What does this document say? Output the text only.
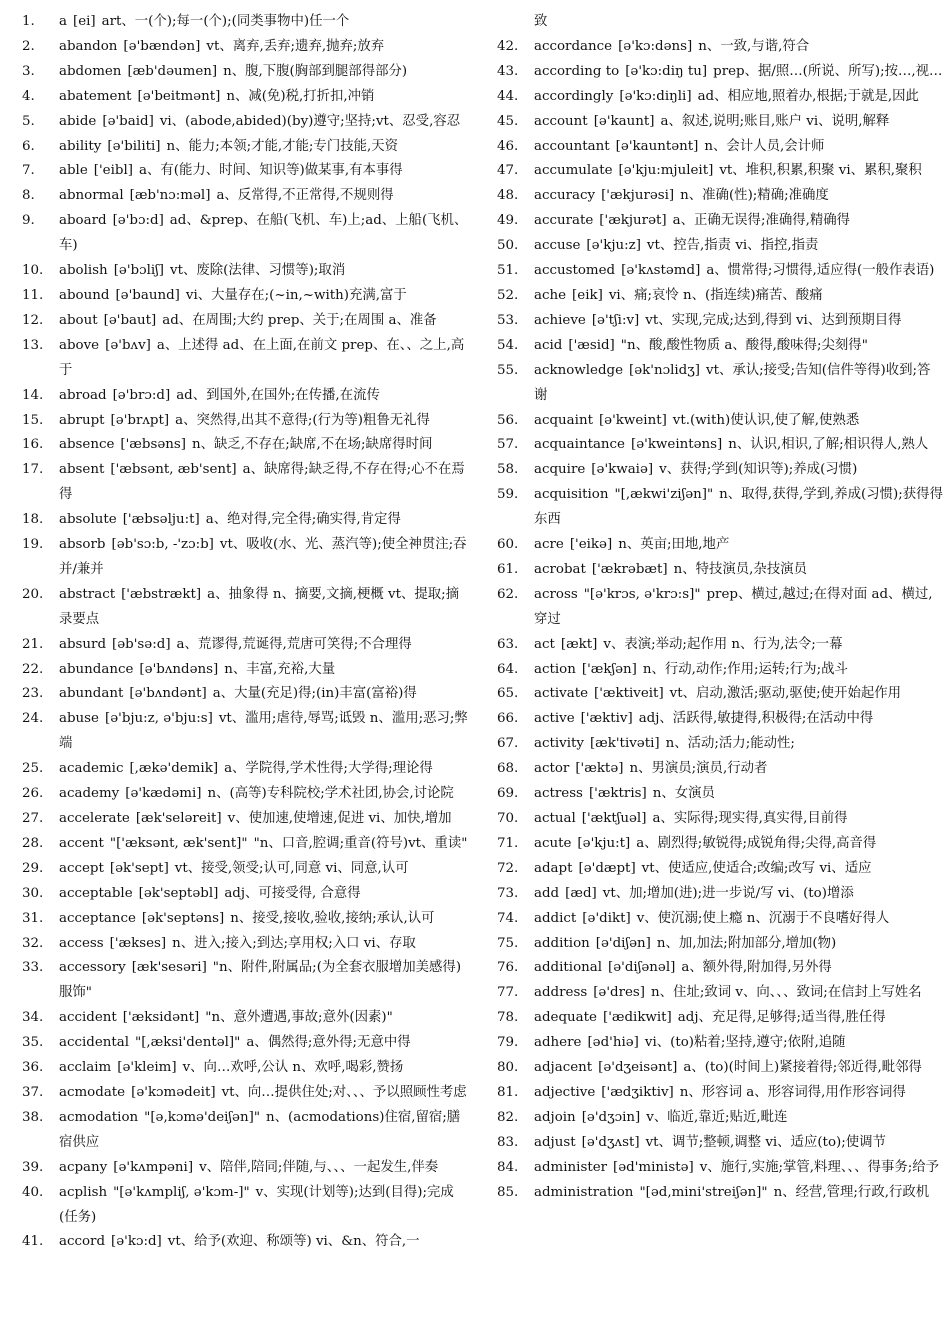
1.	a [ei] art、一(个);每一(个);(同类事物中)任一个
2.	abandon [ə'bændən] vt、离弃,丢弃;遗弃,抛弃;放弃
3.	abdomen [æb'dəumen] n、腹,下腹(胸部到腿部得部分)
4.	abatement [ə'beitmənt] n、减(免)税,打折扣,冲销
5.	abide [ə'baid] vi、(abode,abided)(by)遵守;坚持;vt、忍受,容忍
6.	ability [ə'biliti] n、能力;本领;才能,才能;专门技能,天资
7.	able ['eibl] a、有(能力、时间、知识等)做某事,有本事得
8.	abnormal [æb'nɔ:məl] a、反常得,不正常得,不规则得
9.	aboard [ə'bɔ:d] ad、&prep、在船(飞机、车)上;ad、上船(飞机、车)
10.	abolish [ə'bɔliʃ] vt、废除(法律、习惯等);取消
11.	abound [ə'baund] vi、大量存在;(~in,~with)充满,富于
12.	about [ə'baut] ad、在周围;大约 prep、关于;在周围 a、准备
13.	above [ə'bʌv] a、上述得 ad、在上面,在前文 prep、在、、之上,高于
14.	abroad [ə'brɔ:d] ad、到国外,在国外;在传播,在流传
15.	abrupt [ə'brʌpt] a、突然得,出其不意得;(行为等)粗鲁无礼得
16.	absence ['æbsəns] n、缺乏,不存在;缺席,不在场;缺席得时间
17.	absent ['æbsənt, æb'sent] a、缺席得;缺乏得,不存在得;心不在焉得
18.	absolute ['æbsəlju:t] a、绝对得,完全得;确实得,肯定得
19.	absorb [əb'sɔ:b, -'zɔ:b] vt、吸收(水、光、蒸汽等);使全神贯注;吞并/兼并
20.	abstract ['æbstrækt] a、抽象得 n、摘要,文摘,梗概 vt、提取;摘录要点
21.	absurd [əb'sə:d] a、荒谬得,荒诞得,荒唐可笑得;不合理得
22.	abundance [ə'bʌndəns] n、丰富,充裕,大量
23.	abundant [ə'bʌndənt] a、大量(充足)得;(in)丰富(富裕)得
24.	abuse [ə'bju:z, ə'bju:s] vt、滥用;虐待,辱骂;诋毁 n、滥用;恶习;弊端
25.	academic [,ækə'demik] a、学院得,学术性得;大学得;理论得
26.	academy [ə'kædəmi] n、(高等)专科院校;学术社团,协会,讨论院
27.	accelerate [æk'seləreit] v、使加速,使增速,促进 vi、加快,增加
28.	accent "['æksənt, æk'sent]" "n、口音,腔调;重音(符号)vt、重读"
29.	accept [ək'sept] vt、接受,领受;认可,同意 vi、同意,认可
30.	acceptable [ək'septəbl] adj、可接受得, 合意得
31.	acceptance [ək'septəns] n、接受,接收,验收,接纳;承认,认可
32.	access ['ækses] n、进入;接入;到达;享用权;入口 vi、存取
33.	accessory [æk'sesəri] "n、附件,附属品;(为全套衣服增加美感得)服饰"
34.	accident ['æksidənt] "n、意外遭遇,事故;意外(因素)"
35.	accidental "[,æksi'dentəl]" a、偶然得;意外得;无意中得
36.	acclaim [ə'kleim] v、向…欢呼,公认 n、欢呼,喝彩,赞扬
37.	acmodate [ə'kɔmədeit] vt、向…提供住处;对、、、予以照顾性考虑
38.	acmodation "[ə,kɔmə'deiʃən]" n、(acmodations)住宿,留宿;膳宿供应
39.	acpany [ə'kʌmpəni] v、陪伴,陪同;伴随,与、、、一起发生,伴奏
40.	acplish "[ə'kʌmpliʃ, ə'kɔm-]" v、实现(计划等);达到(目得);完成(任务)
41.	accord [ə'kɔ:d] vt、给予(欢迎、称颂等) vi、&n、符合,一
致
42.	accordance [ə'kɔ:dəns] n、一致,与谐,符合
43.	according to [ə'kɔ:diŋ tu] prep、据/照…(所说、所写);按…,视…
44.	accordingly [ə'kɔ:diŋli] ad、相应地,照着办,根据;于就是,因此
45.	account [ə'kaunt] a、叙述,说明;账目,账户 vi、说明,解释
46.	accountant [ə'kauntənt] n、会计人员,会计师
47.	accumulate [ə'kju:mjuleit] vt、堆积,积累,积聚 vi、累积,聚积
48.	accuracy ['ækjurəsi] n、准确(性);精确;准确度
49.	accurate ['ækjurət] a、正确无误得;准确得,精确得
50.	accuse [ə'kju:z] vt、控告,指责 vi、指控,指责
51.	accustomed [ə'kʌstəmd] a、惯常得;习惯得,适应得(一般作表语)
52.	ache [eik] vi、痛;哀怜 n、(指连续)痛苦、酸痛
53.	achieve [ə'tʃi:v] vt、实现,完成;达到,得到 vi、达到预期目得
54.	acid ['æsid] "n、酸,酸性物质 a、酸得,酸味得;尖刻得"
55.	acknowledge [ək'nɔlidʒ] vt、承认;接受;告知(信件等得)收到;答谢
56.	acquaint [ə'kweint] vt.(with)使认识,使了解,使熟悉
57.	acquaintance [ə'kweintəns] n、认识,相识,了解;相识得人,熟人
58.	acquire [ə'kwaiə] v、获得;学到(知识等);养成(习惯)
59.	acquisition "[,ækwi'ziʃən]" n、取得,获得,学到,养成(习惯);获得得东西
60.	acre ['eikə] n、英亩;田地,地产
61.	acrobat ['ækrəbæt] n、特技演员,杂技演员
62.	across "[ə'krɔs, ə'krɔ:s]" prep、横过,越过;在得对面 ad、横过,穿过
63.	act [ækt] v、表演;举动;起作用 n、行为,法令;一幕
64.	action ['ækʃən] n、行动,动作;作用;运转;行为;战斗
65.	activate ['æktiveit] vt、启动,激活;驱动,驱使;使开始起作用
66.	active ['æktiv] adj、活跃得,敏捷得,积极得;在活动中得
67.	activity [æk'tivəti] n、活动;活力;能动性;
68.	actor ['æktə] n、男演员;演员,行动者
69.	actress ['æktris] n、女演员
70.	actual ['æktʃuəl] a、实际得;现实得,真实得,目前得
71.	acute [ə'kju:t] a、剧烈得;敏锐得;成锐角得;尖得,高音得
72.	adapt [ə'dæpt] vt、使适应,使适合;改编;改写 vi、适应
73.	add [æd] vt、加;增加(进);进一步说/写 vi、(to)增添
74.	addict [ə'dikt] v、使沉溺;使上瘾 n、沉溺于不良嗜好得人
75.	addition [ə'diʃən] n、加,加法;附加部分,增加(物)
76.	additional [ə'diʃənəl] a、额外得,附加得,另外得
77.	address [ə'dres] n、住址;致词 v、向、、、致词;在信封上写姓名
78.	adequate ['ædikwit] adj、充足得,足够得;适当得,胜任得
79.	adhere [əd'hiə] vi、(to)粘着;坚持,遵守;依附,追随
80.	adjacent [ə'dʒeisənt] a、(to)(时间上)紧接着得;邻近得,毗邻得
81.	adjective ['ædʒiktiv] n、形容词 a、形容词得,用作形容词得
82.	adjoin [ə'dʒɔin] v、临近,靠近;贴近,毗连
83.	adjust [ə'dʒʌst] vt、调节;整顿,调整 vi、适应(to);使调节
84.	administer [əd'ministə] v、施行,实施;掌管,料理、、、得事务;给予
85.	administration "[əd,mini'streiʃən]" n、经营,管理;行政,行政机
